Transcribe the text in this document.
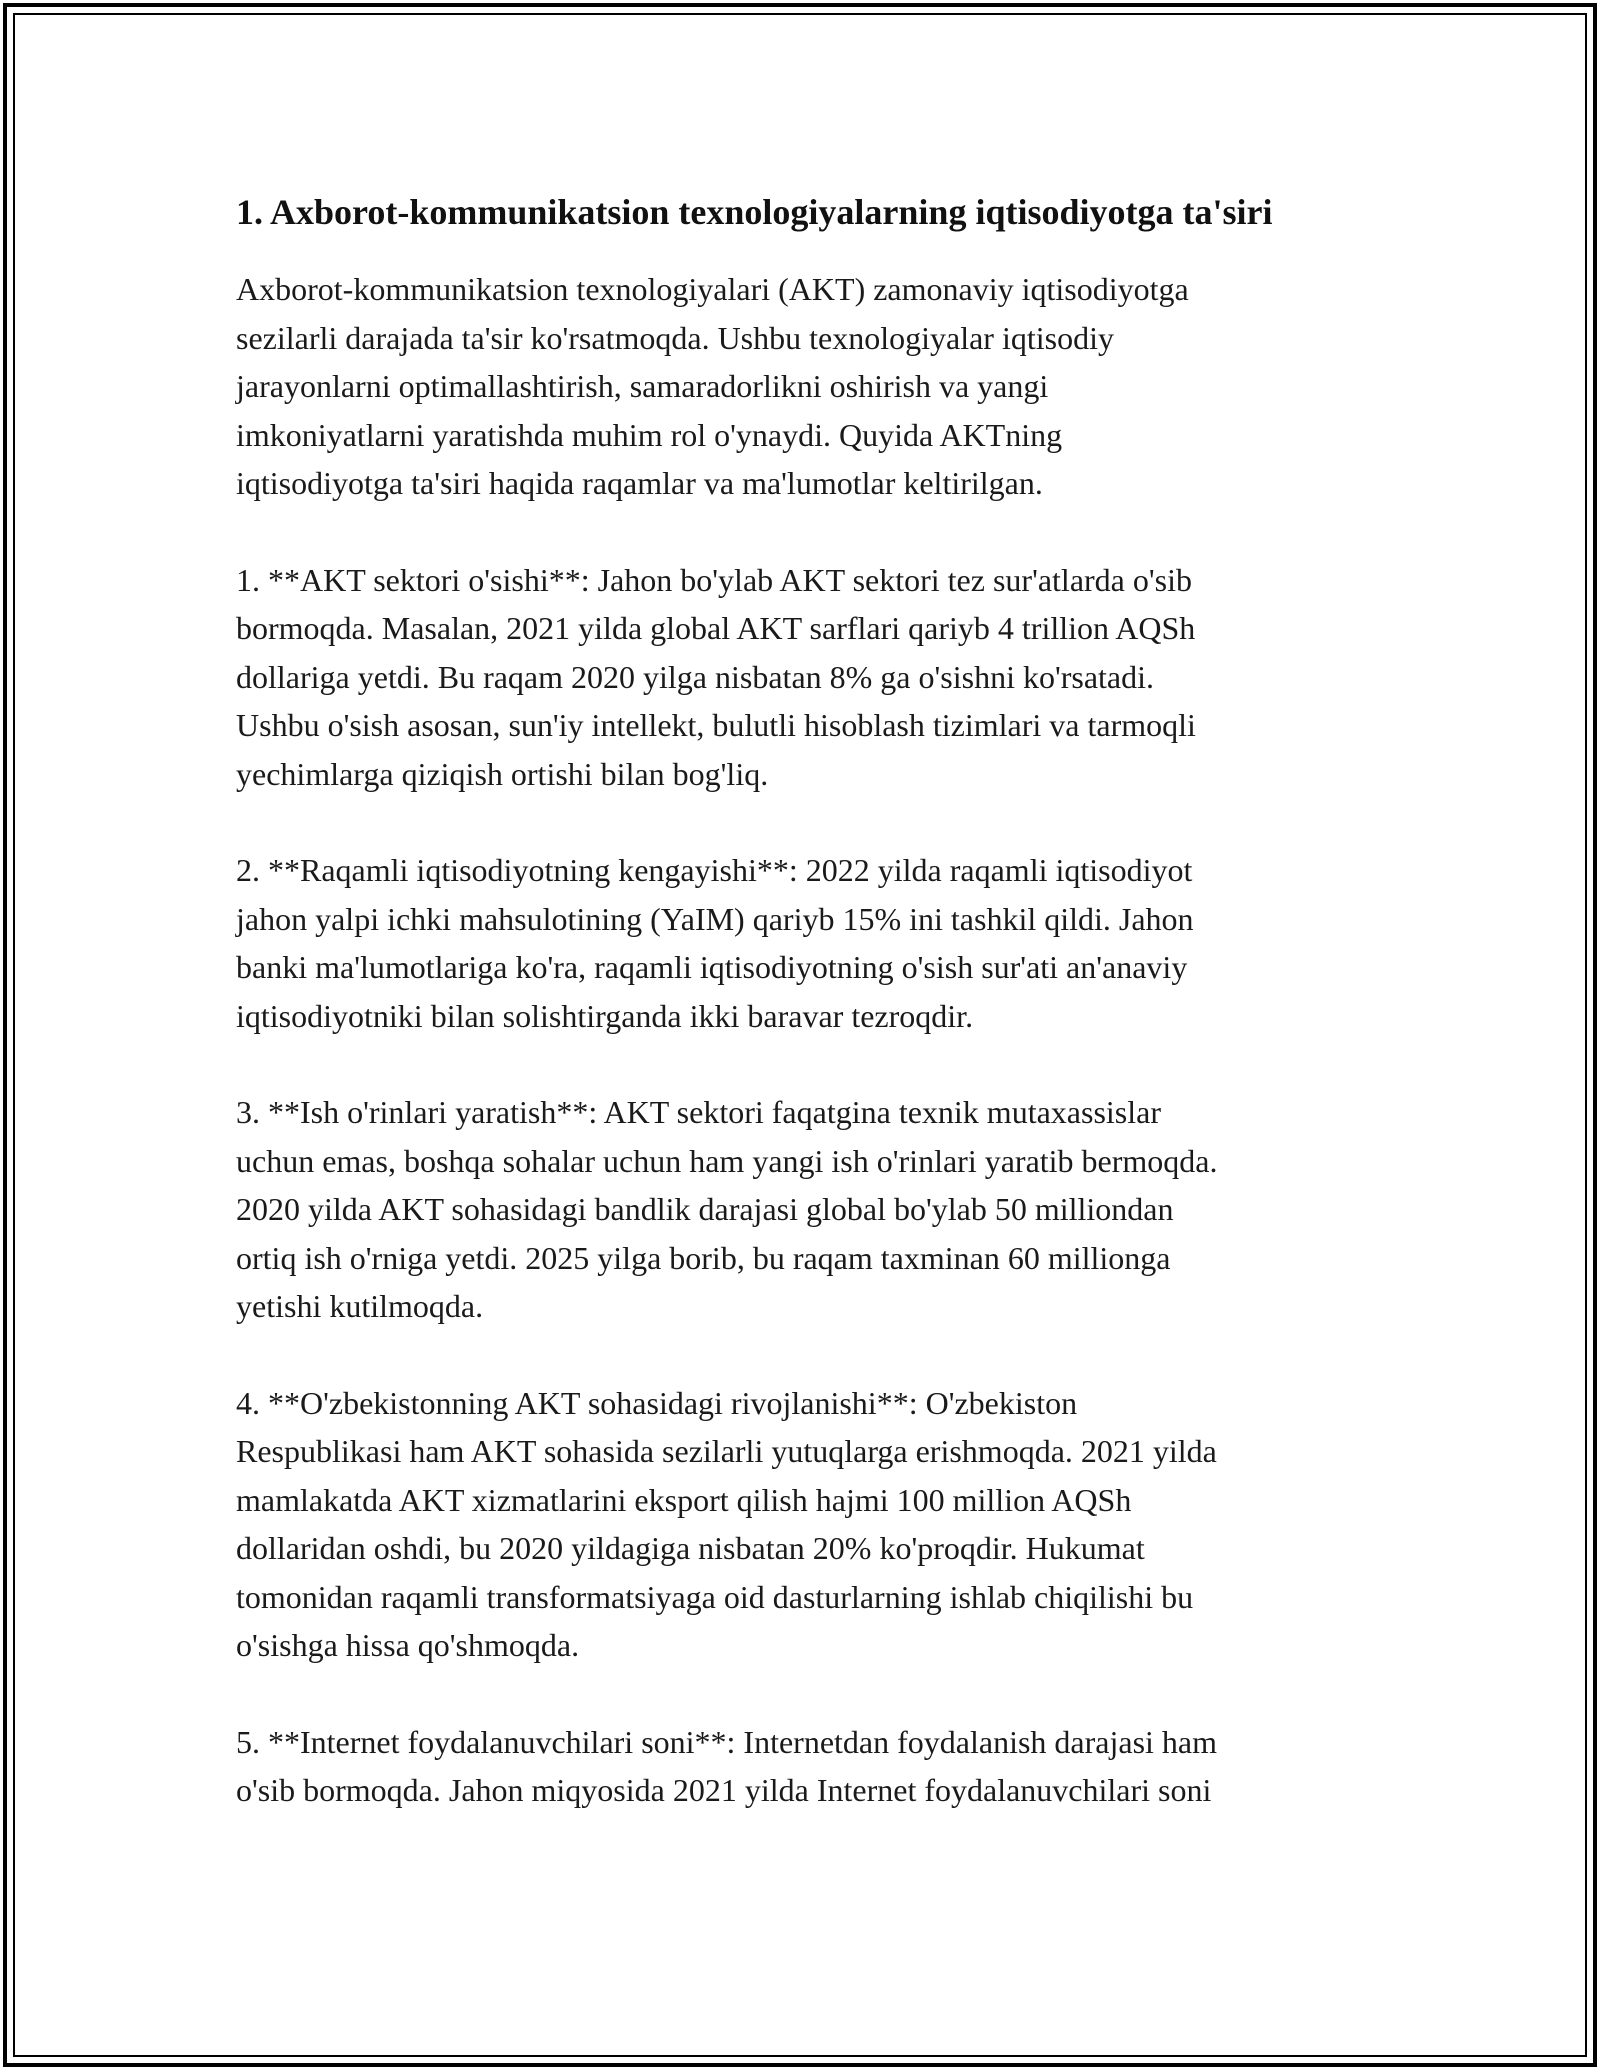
1. Axborot-kommunikatsion texnologiyalarning iqtisodiyotga ta'siri

Axborot-kommunikatsion texnologiyalari (AKT) zamonaviy iqtisodiyotga
sezilarli darajada ta'sir ko'rsatmoqda. Ushbu texnologiyalar iqtisodiy
jarayonlarni optimallashtirish, samaradorlikni oshirish va yangi
imkoniyatlarni yaratishda muhim rol o'ynaydi. Quyida AKTning
iqtisodiyotga ta'siri haqida raqamlar va ma'lumotlar keltirilgan.

1. **AKT sektori o'sishi**: Jahon bo'ylab AKT sektori tez sur'atlarda o'sib
bormoqda. Masalan, 2021 yilda global AKT sarflari qariyb 4 trillion AQSh
dollariga yetdi. Bu raqam 2020 yilga nisbatan 8% ga o'sishni ko'rsatadi.
Ushbu o'sish asosan, sun'iy intellekt, bulutli hisoblash tizimlari va tarmoqli
yechimlarga qiziqish ortishi bilan bog'liq.

2. **Raqamli iqtisodiyotning kengayishi**: 2022 yilda raqamli iqtisodiyot
jahon yalpi ichki mahsulotining (YaIM) qariyb 15% ini tashkil qildi. Jahon
banki ma'lumotlariga ko'ra, raqamli iqtisodiyotning o'sish sur'ati an'anaviy
iqtisodiyotniki bilan solishtirganda ikki baravar tezroqdir.

3. **Ish o'rinlari yaratish**: AKT sektori faqatgina texnik mutaxassislar
uchun emas, boshqa sohalar uchun ham yangi ish o'rinlari yaratib bermoqda.
2020 yilda AKT sohasidagi bandlik darajasi global bo'ylab 50 milliondan
ortiq ish o'rniga yetdi. 2025 yilga borib, bu raqam taxminan 60 millionga
yetishi kutilmoqda.

4. **O'zbekistonning AKT sohasidagi rivojlanishi**: O'zbekiston
Respublikasi ham AKT sohasida sezilarli yutuqlarga erishmoqda. 2021 yilda
mamlakatda AKT xizmatlarini eksport qilish hajmi 100 million AQSh
dollaridan oshdi, bu 2020 yildagiga nisbatan 20% ko'proqdir. Hukumat
tomonidan raqamli transformatsiyaga oid dasturlarning ishlab chiqilishi bu
o'sishga hissa qo'shmoqda.

5. **Internet foydalanuvchilari soni**: Internetdan foydalanish darajasi ham
o'sib bormoqda. Jahon miqyosida 2021 yilda Internet foydalanuvchilari soni
